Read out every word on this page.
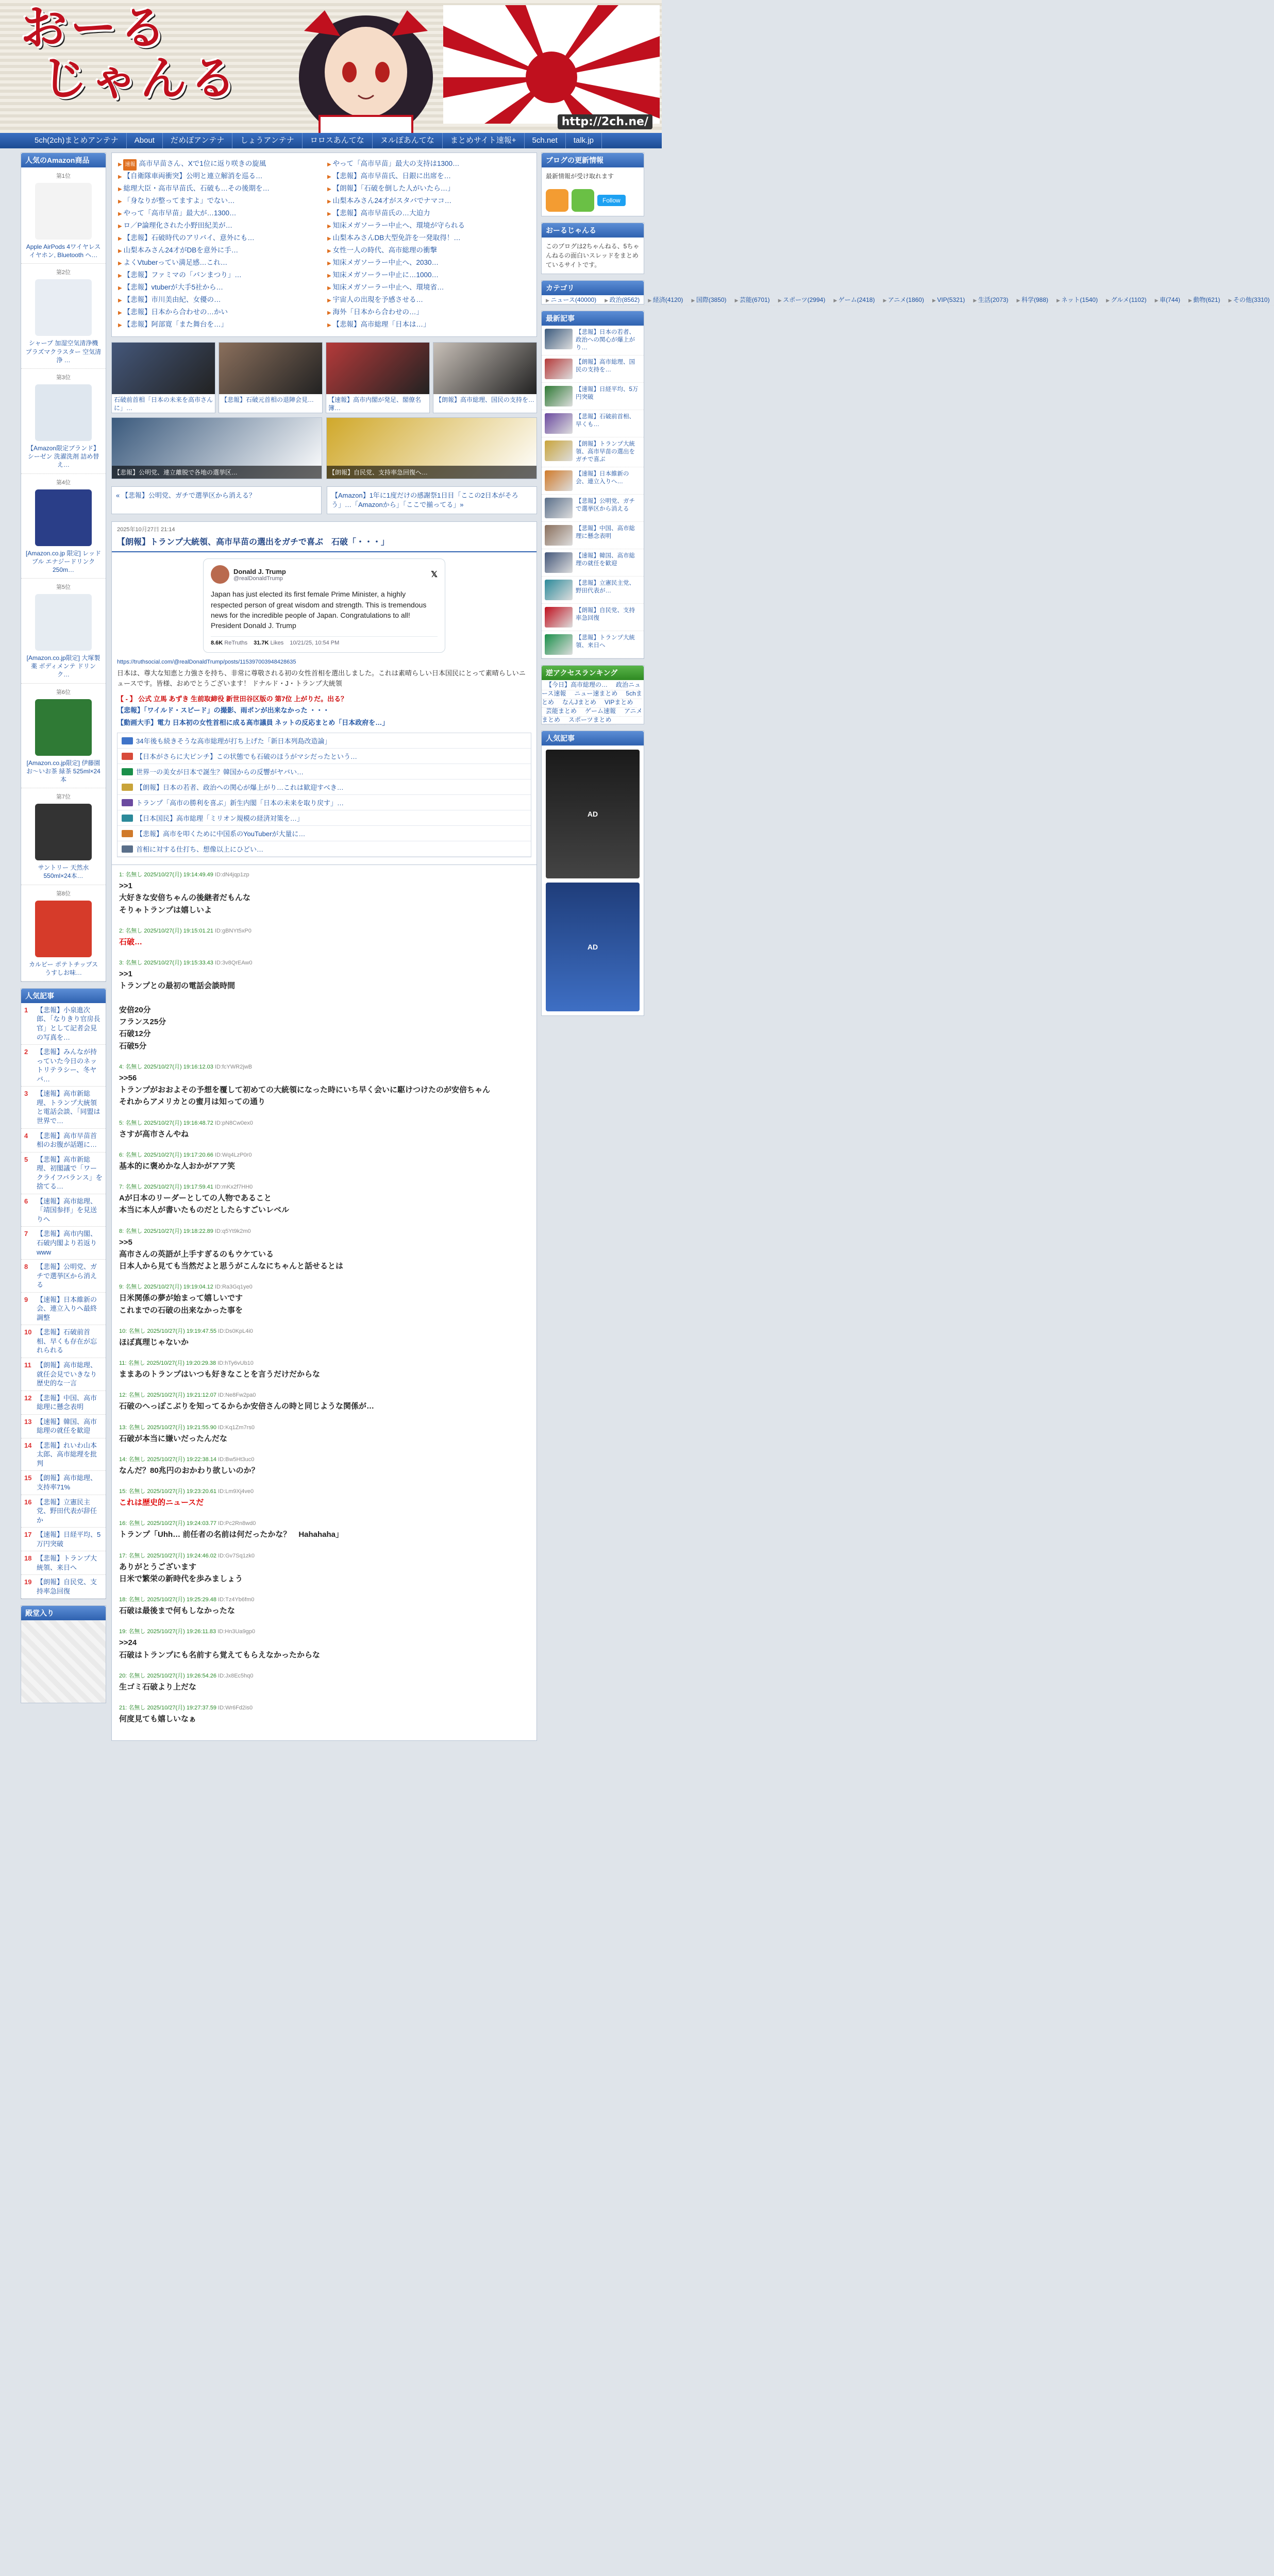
おーる
じゃんる
http://2ch.ne/
5ch(2ch)まとめアンテナ	About	だめぽアンテナ	しょうアンテナ	ロロスあんてな	ヌルぽあんてな	まとめサイト速報+	5ch.net	talk.jp
人気のAmazon商品
第1位
Apple AirPods 4ワイヤレスイヤホン, Bluetooth ヘ…
第2位
シャープ 加湿空気清浄機 プラズマクラスター 空気清浄 …
第3位
【Amazon限定ブランド】シーゼン 洗濯洗剤 詰め替え…
第4位
[Amazon.co.jp 限定] レッドブル エナジードリンク 250m…
第5位
[Amazon.co.jp限定] 大塚製薬 ボディメンテ ドリンク…
第6位
[Amazon.co.jp限定] 伊藤園 お〜いお茶 緑茶 525ml×24本
第7位
サントリー 天然水 550ml×24本…
第8位
カルビー ポテトチップス うすしお味…
人気記事
1	【悲報】小泉進次郎、「なりきり官房長官」として記者会見の写真を…
2	【悲報】みんなが持っていた今日のネットリテラシー、冬ヤバ…
3	【速報】高市新総理、トランプ大統領と電話会談、「同盟は世界で…
4	【悲報】高市早苗首相のお腹が話題に…
5	【悲報】高市新総理、初閣議で「ワークライフバランス」を捨てる…
6	【速報】高市総理、「靖国参拝」を見送りへ
7	【悲報】高市内閣、石破内閣より若返りwww
8	【悲報】公明党、ガチで選挙区から消える
9	【速報】日本維新の会、連立入りへ最終調整
10 【悲報】石破前首相、早くも存在が忘れられる
11 【朗報】高市総理、就任会見でいきなり歴史的な一言
12 【悲報】中国、高市総理に懸念表明
13 【速報】韓国、高市総理の就任を歓迎
14 【悲報】れいわ山本太郎、高市総理を批判
15 【朗報】高市総理、支持率71%
16 【悲報】立憲民主党、野田代表が辞任か
17 【速報】日経平均、5万円突破
18 【悲報】トランプ大統領、来日へ
19 【朗報】自民党、支持率急回復
殿堂入り
▶ 速報 高市早苗さん、Xで1位に返り咲きの旋風	▶ やって「高市早苗」最大の支持は1300…
▶ 【自衛隊車両衝突】公明と連立解消を巡る…	▶ 【悲報】高市早苗氏、日銀に出席を…
▶ 総理大臣・高市早苗氏、石破も…その後期を…	▶ 【朗報】「石破を倒した人がいたら…」
▶ 「身なりが整ってますよ」でない…	▶ 山梨本みさん24才がスタバでナマコ…
▶ やって「高市早苗」最大が…1300…	▶ 【悲報】高市早苗氏の…大迫力
▶ ロ／P論理化された小野田紀美が…	▶ 知床メガソーラー中止へ、環境が守られる
▶ 【悲報】石破時代のアリバイ、意外にも…	▶ 山梨本みさんDB大型免許を一発取得！…
▶ 山梨本みさん24才がDBを意外に手…	▶ 女性一人の時代、高市総理の衝撃
▶ よくVtuberってい満足感…これ…	▶ 知床メガソーラー中止へ、2030…
▶ 【悲報】ファミマの「バンまつり」…	▶ 知床メガソーラー中止に…1000…
▶ 【悲報】vtuberが大手5社から…	▶ 知床メガソーラー中止へ、環境省…
▶ 【悲報】市川美由紀、女優の…	▶ 宇宙人の出現を予感させる…
▶ 【悲報】日本から合わせの…かい	▶ 海外「日本から合わせの…」
▶ 【悲報】阿部寛「また舞台を…」	▶ 【悲報】高市総理「日本は…」
石破前首相「日本の未来を高市さんに」…
【悲報】石破元首相の退陣会見…	【速報】高市内閣が発足、閣僚名簿…
【朗報】高市総理、国民の支持を…
【悲報】公明党、連立離脱で各地の選挙区…	【朗報】自民党、支持率急回復へ…
« 【悲報】公明党、ガチで選挙区から消える？	【Amazon】1年に1度だけの感謝祭1日目「ここの2日本がそろう」…「Amazonから」「ここで揃ってる」»
2025年10月27日 21:14
【朗報】トランプ大統領、高市早苗の選出をガチで喜ぶ　石破「・・・」
Donald J. Trump
@realDonaldTrump	𝕏
Japan has just elected its first female Prime Minister, a highly respected person of great wisdom and strength. This is tremendous news for the incredible people of Japan. Congratulations to all! President Donald J. Trump
8.6K ReTruths 31.7K Likes 10/21/25, 10:54 PM
https://truthsocial.com/@realDonaldTrump/posts/115397003948428635
日本は、尊大な知恵と力強さを持ち、非常に尊敬される初の女性首相を選出しました。これは素晴らしい日本国民にとって素晴らしいニュースです。皆様、おめでとうございます！ ドナルド・J・トランプ大統領
【 - 】 公式 立馬 あずき 生前取締役 新世田谷区版の 第7位 上がりだ。出る？
【悲報】「ワイルド・スピード」の撮影、雨ポンが出来なかった ・・・
【動画大手】電力 日本初の女性首相に成る高市議員 ネットの反応まとめ「日本政府を…」
34年後も続きそうな高市総理が打ち上げた「新日本列島改造論」
【日本がさらに大ピンチ】この状態でも石破のほうがマシだったという…
世界一の美女が日本で誕生？韓国からの反響がヤバい…
【朗報】日本の若者、政治への関心が爆上がり…これは歓迎すべき…
トランプ「高市の勝利を喜ぶ」新生内閣「日本の未来を取り戻す」…
【日本国民】高市総理「ミリオン規模の経済対策を…」
【悲報】高市を叩くために中国系のYouTuberが大量に…
首相に対する仕打ち、想像以上にひどい…
1: 名無し 2025/10/27(月) 19:14:49.49 ID:dN4jqp1zp
>>1
大好きな安倍ちゃんの後継者だもんな
そりゃトランプは嬉しいよ
2: 名無し 2025/10/27(月) 19:15:01.21 ID:gBNYt5xP0
石破…
3: 名無し 2025/10/27(月) 19:15:33.43 ID:3v8QrEAw0
>>1
トランプとの最初の電話会談時間

安倍20分
フランス25分
石破12分
石破5分
4: 名無し 2025/10/27(月) 19:16:12.03 ID:fcYWR2jwB
>>56
トランプがおおよその予想を覆して初めての大統領になった時にいち早く会いに駆けつけたのが安倍ちゃん
それからアメリカとの蜜月は知っての通り
5: 名無し 2025/10/27(月) 19:16:48.72 ID:pN8Cw0ex0
さすが高市さんやね
6: 名無し 2025/10/27(月) 19:17:20.66 ID:Wq4LzP0r0
基本的に褒めかな人おかがアア笑
7: 名無し 2025/10/27(月) 19:17:59.41 ID:mKx2f7HH0
Aが日本のリーダーとしての人物であること
本当に本人が書いたものだとしたらすごいレベル
8: 名無し 2025/10/27(月) 19:18:22.89 ID:q5Yt9k2m0
>>5
高市さんの英語が上手すぎるのもウケている
日本人から見ても当然だよと思うがこんなにちゃんと話せるとは
9: 名無し 2025/10/27(月) 19:19:04.12 ID:Ra3Gq1ye0
日米関係の夢が始まって嬉しいです
これまでの石破の出来なかった事を
10: 名無し 2025/10/27(月) 19:19:47.55 ID:Ds0KpL4i0
ほぼ真理じゃないか
11: 名無し 2025/10/27(月) 19:20:29.38 ID:hTy6vUb10
ままあのトランプはいつも好きなことを言うだけだからな
12: 名無し 2025/10/27(月) 19:21:12.07 ID:Ne8Fw2pa0
石破のへっぽこぶりを知ってるからか安倍さんの時と同じような関係が…
13: 名無し 2025/10/27(月) 19:21:55.90 ID:Kq1Zm7rs0
石破が本当に嫌いだったんだな
14: 名無し 2025/10/27(月) 19:22:38.14 ID:Bw5Ht3uc0
なんだ？80兆円のおかわり欲しいのか？
15: 名無し 2025/10/27(月) 19:23:20.61 ID:Lm9Xj4ve0
これは歴史的ニュースだ
16: 名無し 2025/10/27(月) 19:24:03.77 ID:Pc2Rn8wd0
トランプ「Uhh… 前任者の名前は何だったかな？　Hahahaha」
17: 名無し 2025/10/27(月) 19:24:46.02 ID:Gv7Sq1zk0
ありがとうございます
日米で繁栄の新時代を歩みましょう
18: 名無し 2025/10/27(月) 19:25:29.48 ID:Tz4Yb6fm0
石破は最後まで何もしなかったな
19: 名無し 2025/10/27(月) 19:26:11.83 ID:Hn3Ua9gp0
>>24
石破はトランプにも名前すら覚えてもらえなかったからな
20: 名無し 2025/10/27(月) 19:26:54.26 ID:Jx8Ec5hq0
生ゴミ石破より上だな
21: 名無し 2025/10/27(月) 19:27:37.59 ID:Wr6Fd2is0
何度見ても嬉しいなぁ
ブログの更新情報
最新情報が受け取れます
Follow
おーるじゃんる
このブログは2ちゃんねる、5ちゃんねるの面白いスレッドをまとめているサイトです。
カテゴリ
▶ ニュース(40000) ▶ 政治(8562) ▶ 経済(4120) ▶ 国際(3850) ▶ 芸能(6701) ▶ スポーツ(2994) ▶ ゲーム(2418) ▶ アニメ(1860) ▶ VIP(5321) ▶ 生活(2073) ▶ 科学(988) ▶ ネット(1540) ▶ グルメ(1102) ▶ 車(744) ▶ 動物(621) ▶ その他(3310)
最新記事
【悲報】日本の若者、政治への関心が爆上がり…
【朗報】高市総理、国民の支持を…
【速報】日経平均、5万円突破
【悲報】石破前首相、早くも…
【朗報】トランプ大統領、高市早苗の選出をガチで喜ぶ
【速報】日本維新の会、連立入りへ…
【悲報】公明党、ガチで選挙区から消える
【悲報】中国、高市総理に懸念表明
【速報】韓国、高市総理の就任を歓迎
【悲報】立憲民主党、野田代表が…
【朗報】自民党、支持率急回復
【悲報】トランプ大統領、来日へ
逆アクセスランキング
【今日】高市総理の… 政治ニュース速報 ニュー速まとめ 5chまとめ なんJまとめ VIPまとめ芸能まとめ ゲーム速報 アニメまとめ スポーツまとめ
人気記事
AD
AD
